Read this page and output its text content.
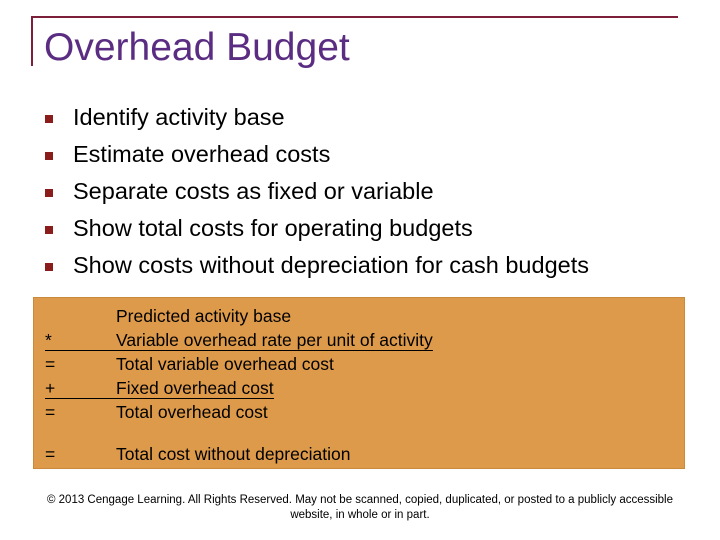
Overhead Budget
Identify activity base
Estimate overhead costs
Separate costs as fixed or variable
Show total costs for operating budgets
Show costs without depreciation for cash budgets
Predicted activity base
*	Variable overhead rate per unit of activity
=	Total variable overhead cost
+	Fixed overhead cost
=	Total overhead cost
=	Total cost without depreciation
© 2013 Cengage Learning. All Rights Reserved. May not be scanned, copied, duplicated, or posted to a publicly accessible website, in whole or in part.
